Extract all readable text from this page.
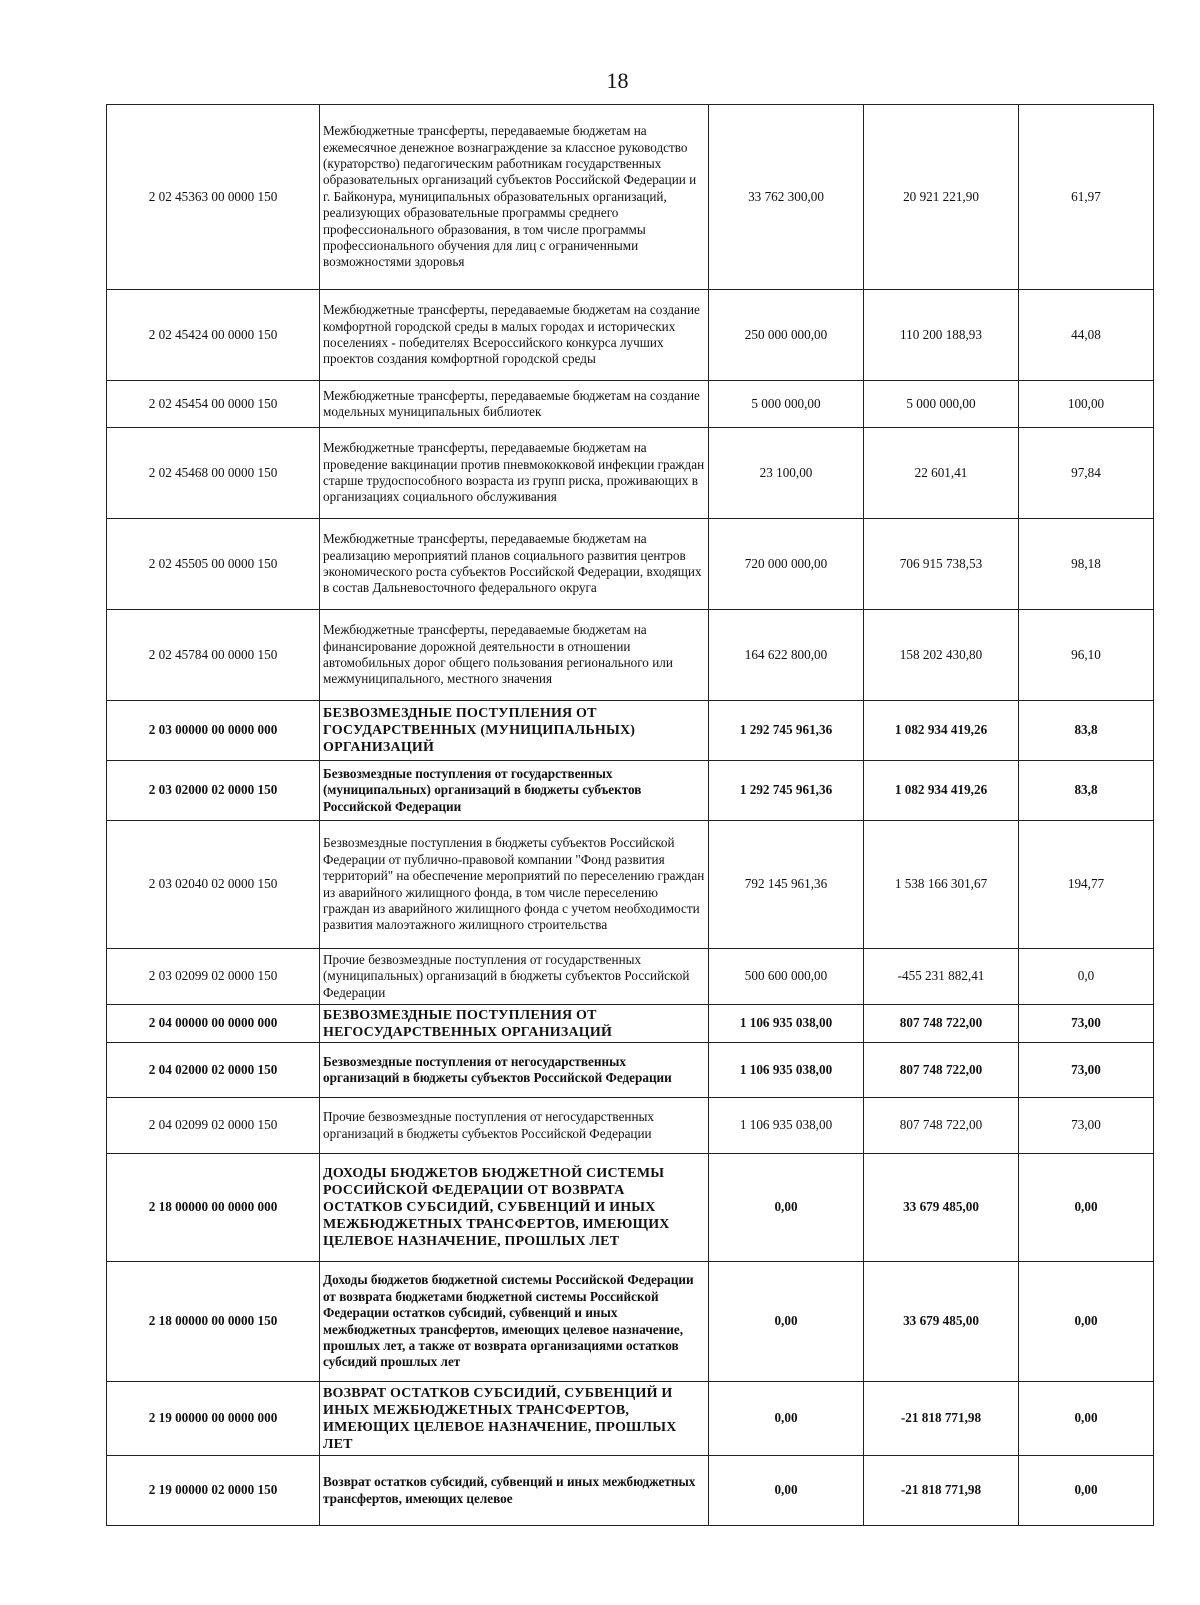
18
2 02 45363 00 0000 150	Межбюджетные трансферты, передаваемые бюджетам на ежемесячное денежное вознаграждение за классное руководство (кураторство) педагогическим работникам государственных образовательных организаций субъектов Российской Федерации и г. Байконура, муниципальных образовательных организаций, реализующих образовательные программы среднего профессионального образования, в том числе программы профессионального обучения для лиц с ограниченными возможностями здоровья	33 762 300,00	20 921 221,90	61,97
2 02 45424 00 0000 150	Межбюджетные трансферты, передаваемые бюджетам на создание комфортной городской среды в малых городах и исторических поселениях - победителях Всероссийского конкурса лучших проектов создания комфортной городской среды	250 000 000,00	110 200 188,93	44,08
2 02 45454 00 0000 150	Межбюджетные трансферты, передаваемые бюджетам на создание модельных муниципальных библиотек	5 000 000,00	5 000 000,00	100,00
2 02 45468 00 0000 150	Межбюджетные трансферты, передаваемые бюджетам на проведение вакцинации против пневмококковой инфекции граждан старше трудоспособного возраста из групп риска, проживающих в организациях социального обслуживания	23 100,00	22 601,41	97,84
2 02 45505 00 0000 150	Межбюджетные трансферты, передаваемые бюджетам на реализацию мероприятий планов социального развития центров экономического роста субъектов Российской Федерации, входящих в состав Дальневосточного федерального округа	720 000 000,00	706 915 738,53	98,18
2 02 45784 00 0000 150	Межбюджетные трансферты, передаваемые бюджетам на финансирование дорожной деятельности в отношении автомобильных дорог общего пользования регионального или межмуниципального, местного значения	164 622 800,00	158 202 430,80	96,10
2 03 00000 00 0000 000	БЕЗВОЗМЕЗДНЫЕ ПОСТУПЛЕНИЯ ОТ ГОСУДАРСТВЕННЫХ (МУНИЦИПАЛЬНЫХ) ОРГАНИЗАЦИЙ	1 292 745 961,36	1 082 934 419,26	83,8
2 03 02000 02 0000 150	Безвозмездные поступления от государственных (муниципальных) организаций в бюджеты субъектов Российской Федерации	1 292 745 961,36	1 082 934 419,26	83,8
2 03 02040 02 0000 150	Безвозмездные поступления в бюджеты субъектов Российской Федерации от публично-правовой компании "Фонд развития территорий" на обеспечение мероприятий по переселению граждан из аварийного жилищного фонда, в том числе переселению граждан из аварийного жилищного фонда с учетом необходимости развития малоэтажного жилищного строительства	792 145 961,36	1 538 166 301,67	194,77
2 03 02099 02 0000 150	Прочие безвозмездные поступления от государственных (муниципальных) организаций в бюджеты субъектов Российской Федерации	500 600 000,00	-455 231 882,41	0,0
2 04 00000 00 0000 000	БЕЗВОЗМЕЗДНЫЕ ПОСТУПЛЕНИЯ ОТ НЕГОСУДАРСТВЕННЫХ ОРГАНИЗАЦИЙ	1 106 935 038,00	807 748 722,00	73,00
2 04 02000 02 0000 150	Безвозмездные поступления от негосударственных организаций в бюджеты субъектов Российской Федерации	1 106 935 038,00	807 748 722,00	73,00
2 04 02099 02 0000 150	Прочие безвозмездные поступления от негосударственных организаций в бюджеты субъектов Российской Федерации	1 106 935 038,00	807 748 722,00	73,00
2 18 00000 00 0000 000	ДОХОДЫ БЮДЖЕТОВ БЮДЖЕТНОЙ СИСТЕМЫ РОССИЙСКОЙ ФЕДЕРАЦИИ ОТ ВОЗВРАТА ОСТАТКОВ СУБСИДИЙ, СУБВЕНЦИЙ И ИНЫХ МЕЖБЮДЖЕТНЫХ ТРАНСФЕРТОВ, ИМЕЮЩИХ ЦЕЛЕВОЕ НАЗНАЧЕНИЕ, ПРОШЛЫХ ЛЕТ	0,00	33 679 485,00	0,00
2 18 00000 00 0000 150	Доходы бюджетов бюджетной системы Российской Федерации от возврата бюджетами бюджетной системы Российской Федерации остатков субсидий, субвенций и иных межбюджетных трансфертов, имеющих целевое назначение, прошлых лет, а также от возврата организациями остатков субсидий прошлых лет	0,00	33 679 485,00	0,00
2 19 00000 00 0000 000	ВОЗВРАТ ОСТАТКОВ СУБСИДИЙ, СУБВЕНЦИЙ И ИНЫХ МЕЖБЮДЖЕТНЫХ ТРАНСФЕРТОВ, ИМЕЮЩИХ ЦЕЛЕВОЕ НАЗНАЧЕНИЕ, ПРОШЛЫХ ЛЕТ	0,00	-21 818 771,98	0,00
2 19 00000 02 0000 150	Возврат остатков субсидий, субвенций и иных межбюджетных трансфертов, имеющих целевое	0,00	-21 818 771,98	0,00
